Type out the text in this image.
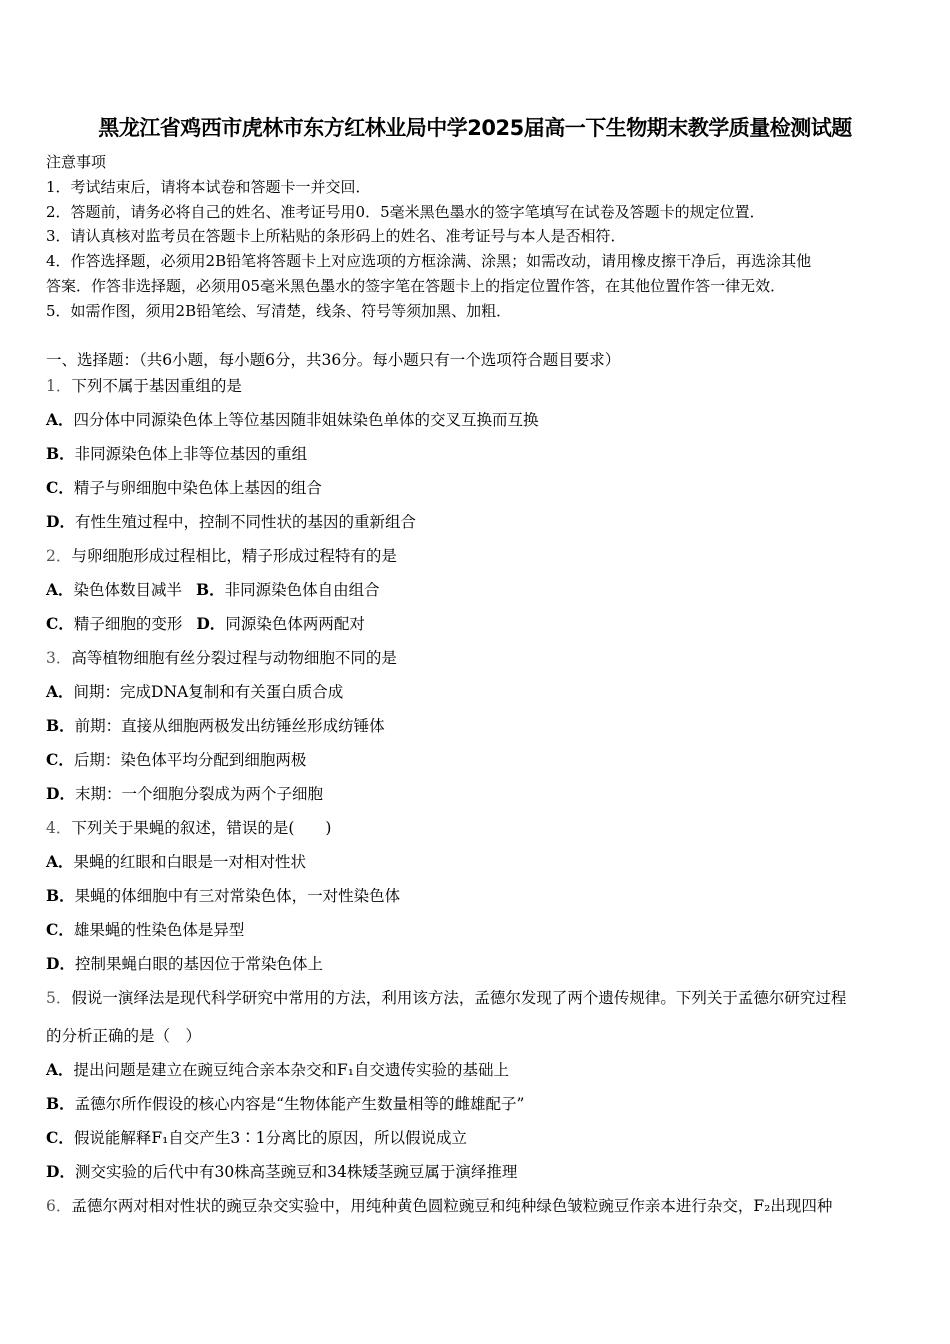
黑龙江省鸡西市虎林市东方红林业局中学2025届高一下生物期末教学质量检测试题
注意事项
1．考试结束后，请将本试卷和答题卡一并交回．
2．答题前，请务必将自己的姓名、准考证号用0．5毫米黑色墨水的签字笔填写在试卷及答题卡的规定位置．
3．请认真核对监考员在答题卡上所粘贴的条形码上的姓名、准考证号与本人是否相符．
4．作答选择题，必须用2B铅笔将答题卡上对应选项的方框涂满、涂黑；如需改动，请用橡皮擦干净后，再选涂其他
答案．作答非选择题，必须用05毫米黑色墨水的签字笔在答题卡上的指定位置作答，在其他位置作答一律无效．
5．如需作图，须用2B铅笔绘、写清楚，线条、符号等须加黑、加粗．
一、选择题：（共6小题，每小题6分，共36分。每小题只有一个选项符合题目要求）
1．下列不属于基因重组的是
A．四分体中同源染色体上等位基因随非姐妹染色单体的交叉互换而互换
B．非同源染色体上非等位基因的重组
C．精子与卵细胞中染色体上基因的组合
D．有性生殖过程中，控制不同性状的基因的重新组合
2．与卵细胞形成过程相比，精子形成过程特有的是
A．染色体数目减半 B．非同源染色体自由组合
C．精子细胞的变形 D．同源染色体两两配对
3．高等植物细胞有丝分裂过程与动物细胞不同的是
A．间期：完成DNA复制和有关蛋白质合成
B．前期：直接从细胞两极发出纺锤丝形成纺锤体
C．后期：染色体平均分配到细胞两极
D．末期：一个细胞分裂成为两个子细胞
4．下列关于果蝇的叙述，错误的是(　　)
A．果蝇的红眼和白眼是一对相对性状
B．果蝇的体细胞中有三对常染色体，一对性染色体
C．雄果蝇的性染色体是异型
D．控制果蝇白眼的基因位于常染色体上
5．假说一演绎法是现代科学研究中常用的方法，利用该方法，孟德尔发现了两个遗传规律。下列关于孟德尔研究过程
的分析正确的是（　）
A．提出问题是建立在豌豆纯合亲本杂交和F₁自交遗传实验的基础上
B．孟德尔所作假设的核心内容是“生物体能产生数量相等的雌雄配子”
C．假说能解释F₁自交产生3∶1分离比的原因，所以假说成立
D．测交实验的后代中有30株高茎豌豆和34株矮茎豌豆属于演绎推理
6．孟德尔两对相对性状的豌豆杂交实验中，用纯种黄色圆粒豌豆和纯种绿色皱粒豌豆作亲本进行杂交，F₂出现四种
